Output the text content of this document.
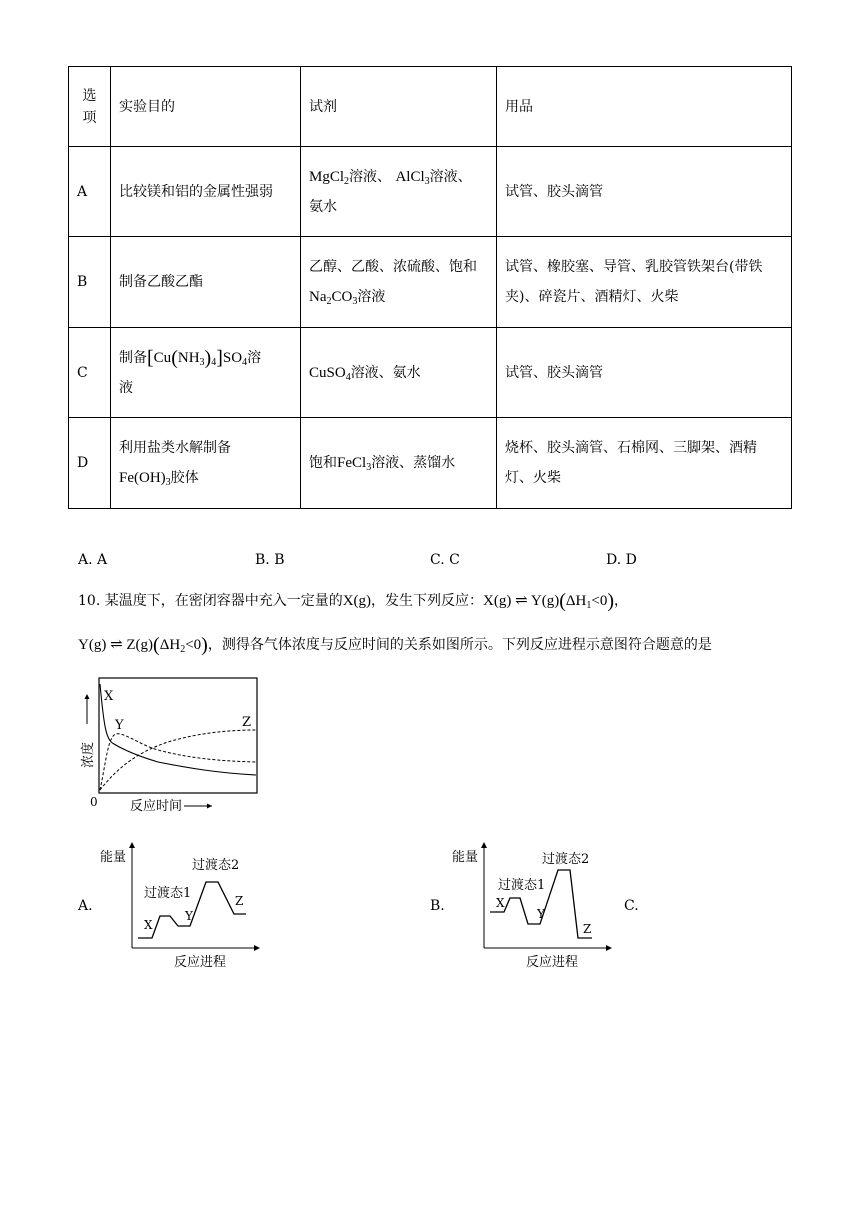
选项	实验目的	试剂	用品
A	比较镁和铝的金属性强弱	MgCl$_2$溶液、 AlCl$_3$溶液、
氨水	试管、胶头滴管
B	制备乙酸乙酯	乙醇、乙酸、浓硫酸、饱和
$Na_2CO_3$溶液	试管、橡胶塞、导管、乳胶管铁架台(带铁
夹)、碎瓷片、酒精灯、火柴
C	制备$[Cu(NH_3)_4]SO_4$溶
液	CuSO$_4$溶液、氨水	试管、胶头滴管
D	利用盐类水解制备
$Fe(OH)_3$胶体	饱和FeCl$_3$溶液、蒸馏水	烧杯、胶头滴管、石棉网、三脚架、酒精
灯、火柴
A. A	B. B	C. C	D. D
10. 某温度下，在密闭容器中充入一定量的X(g)，发生下列反应：X(g) ⇌ $Y(g)(\Delta H_1<0)$，
Y(g) ⇌ $Z(g)(\Delta H_2<0)$，测得各气体浓度与反应时间的关系如图所示。下列反应进程示意图符合题意的是
X
Y	Z
0 反应时间
浓度
A.
能量
反应进程
过渡态1
过渡态2
X
Y
Z	B.
能量
反应进程
过渡态1
过渡态2
X
Y
Z
C.
